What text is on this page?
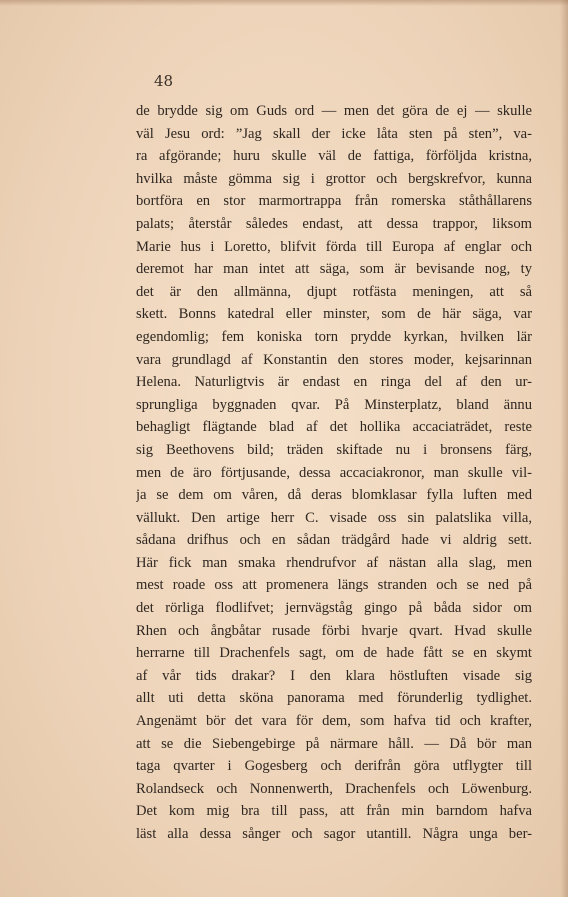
48
de brydde sig om Guds ord — men det göra de ej — skulle
väl Jesu ord: ”Jag skall der icke låta sten på sten”, va-
ra afgörande; huru skulle väl de fattiga, förföljda kristna,
hvilka måste gömma sig i grottor och bergskrefvor, kunna
bortföra en stor marmortrappa från romerska ståthållarens
palats; återstår således endast, att dessa trappor, liksom
Marie hus i Loretto, blifvit förda till Europa af englar och
deremot har man intet att säga, som är bevisande nog, ty
det är den allmänna, djupt rotfästa meningen, att så
skett. Bonns katedral eller minster, som de här säga, var
egendomlig; fem koniska torn prydde kyrkan, hvilken lär
vara grundlagd af Konstantin den stores moder, kejsarinnan
Helena. Naturligtvis är endast en ringa del af den ur-
sprungliga byggnaden qvar. På Minsterplatz, bland ännu
behagligt flägtande blad af det hollika accaciaträdet, reste
sig Beethovens bild; träden skiftade nu i bronsens färg,
men de äro förtjusande, dessa accaciakronor, man skulle vil-
ja se dem om våren, då deras blomklasar fylla luften med
vällukt. Den artige herr C. visade oss sin palatslika villa,
sådana drifhus och en sådan trädgård hade vi aldrig sett.
Här fick man smaka rhendrufvor af nästan alla slag, men
mest roade oss att promenera längs stranden och se ned på
det rörliga flodlifvet; jernvägståg gingo på båda sidor om
Rhen och ångbåtar rusade förbi hvarje qvart. Hvad skulle
herrarne till Drachenfels sagt, om de hade fått se en skymt
af vår tids drakar? I den klara höstluften visade sig
allt uti detta sköna panorama med förunderlig tydlighet.
Angenämt bör det vara för dem, som hafva tid och krafter,
att se die Siebengebirge på närmare håll. — Då bör man
taga qvarter i Gogesberg och derifrån göra utflygter till
Rolandseck och Nonnenwerth, Drachenfels och Löwenburg.
Det kom mig bra till pass, att från min barndom hafva
läst alla dessa sånger och sagor utantill. Några unga ber-
